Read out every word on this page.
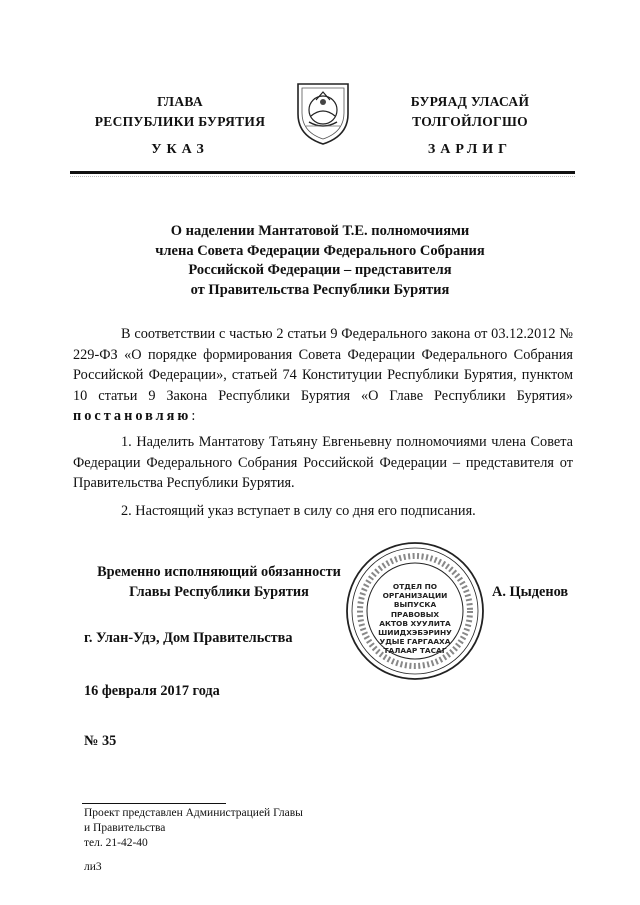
ГЛАВА
РЕСПУБЛИКИ БУРЯТИЯ
УКАЗ
БУРЯАД УЛАСАЙ
ТОЛГОЙЛОГШО
ЗАРЛИГ
О наделении Мантатовой Т.Е. полномочиями
члена Совета Федерации Федерального Собрания
Российской Федерации – представителя
от Правительства Республики Бурятия
В соответствии с частью 2 статьи 9 Федерального закона от 03.12.2012 № 229-ФЗ «О порядке формирования Совета Федерации Федерального Собрания Российской Федерации», статьей 74 Конституции Республики Бурятия, пунктом 10 статьи 9 Закона Республики Бурятия «О Главе Республики Бурятия» постановляю:
1. Наделить Мантатову Татьяну Евгеньевну полномочиями члена Совета Федерации Федерального Собрания Российской Федерации – представителя от Правительства Республики Бурятия.
2. Настоящий указ вступает в силу со дня его подписания.
Временно исполняющий обязанности
Главы Республики Бурятия	ОТДЕЛ ПО ОРГАНИЗАЦИИ ВЫПУСКА ПРАВОВЫХ АКТОВ ХУУЛИТА ШИИДХЭБЭРИНУУДЫЕ ГАРГААХА ТАЛААР ТАСАГ
А. Цыденов
г. Улан-Удэ, Дом Правительства
16 февраля 2017 года
№ 35
Проект представлен Администрацией Главы
и Правительства
тел. 21-42-40
ли3
